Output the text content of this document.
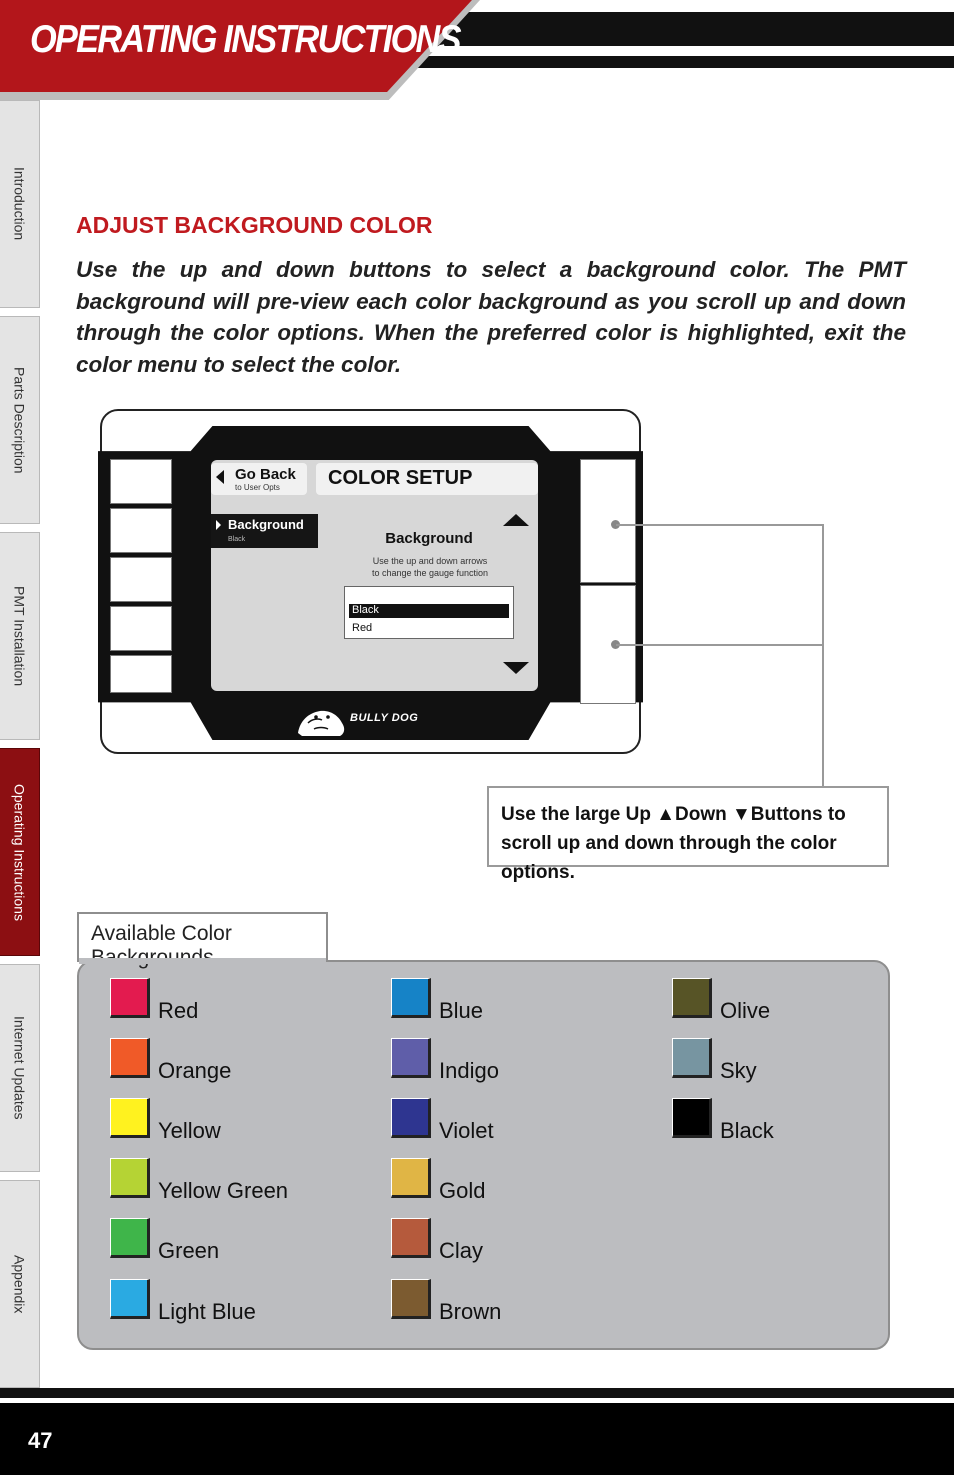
OPERATING INSTRUCTIONS
Introduction
Parts Description
PMT Installation
Operating Instructions
Internet Updates
Appendix
ADJUST BACKGROUND COLOR
Use the up and down buttons to select a background color. The PMT background will pre-view each color background as you scroll up and down through the color options. When the preferred color is highlighted, exit the color menu to select the color.
Go Back
to User Opts	COLOR SETUP
Background
Black	Background
Use the up and down arrows
to change the gauge function
Black
Red
BULLY DOG
Use the large Up ▲Down ▼Buttons to scroll up and down through the color options.
Available Color
Red
Orange
Yellow
Yellow Green
Green
Light Blue
Blue
Indigo
Violet
Gold
Clay
Brown
Olive
Sky
Black
47
